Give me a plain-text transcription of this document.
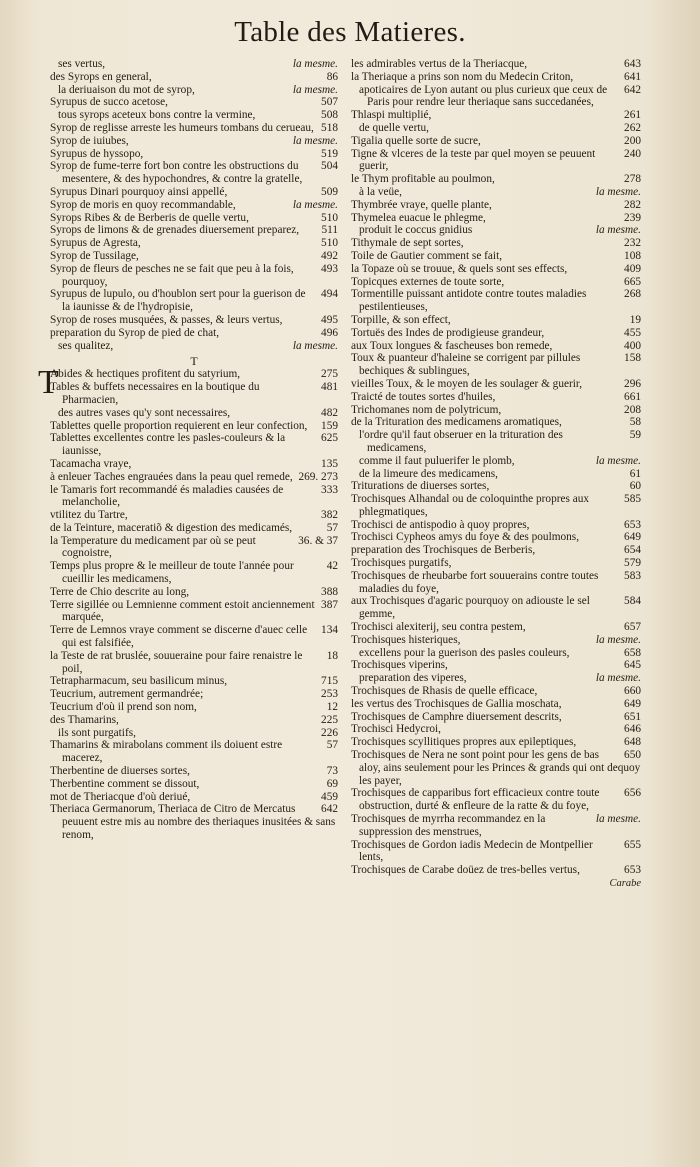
Table des Matieres.
la mesme.
ses vertus,
86
des Syrops en general,
la mesme.
la deriuaison du mot de syrop,
507
Syrupus de succo acetose,
508
tous syrops aceteux bons contre la vermine,
518
Syrop de reglisse arreste les humeurs tombans du cerueau,
la mesme.
Syrop de iuiubes,
519
Syrupus de hyssopo,
504
Syrop de fume-terre fort bon contre les obstructions du mesentere, & des hypochondres, & contre la gratelle,
509
Syrupus Dinari pourquoy ainsi appellé,
la mesme.
Syrop de moris en quoy recommandable,
510
Syrops Ribes & de Berberis de quelle vertu,
511
Syrops de limons & de grenades diuersement preparez,
510
Syrupus de Agresta,
492
Syrop de Tussilage,
493
Syrop de fleurs de pesches ne se fait que peu à la fois, pourquoy,
494
Syrupus de lupulo, ou d'houblon sert pour la guerison de la iaunisse & de l'hydropisie,
495
Syrop de roses musquées, & passes, & leurs vertus,
496
preparation du Syrop de pied de chat,
la mesme.
ses qualitez,
T
T	275
Abides & hectiques profitent du satyrium,
481
Tables & buffets necessaires en la boutique du Pharmacien,
482
des autres vases qu'y sont necessaires,
159
Tablettes quelle proportion requierent en leur confection,
625
Tablettes excellentes contre les pasles-couleurs & la iaunisse,
135
Tacamacha vraye,
269. 273
à enleuer Taches engrauées dans la peau quel remede,
333
le Tamaris fort recommandé és maladies causées de melancholie,
382
vtilitez du Tartre,
57
de la Teinture, maceratiõ & digestion des medicamés,
36. & 37
la Temperature du medicament par où se peut cognoistre,
42
Temps plus propre & le meilleur de toute l'année pour cueillir les medicamens,
388
Terre de Chio descrite au long,
387
Terre sigillée ou Lemnienne comment estoit anciennement marquée,
134
Terre de Lemnos vraye comment se discerne d'auec celle qui est falsifiée,
18
la Teste de rat bruslée, souueraine pour faire renaistre le poil,
715
Tetrapharmacum, seu basilicum minus,
253
Teucrium, autrement germandrée;
12
Teucrium d'où il prend son nom,
225
des Thamarins,
226
ils sont purgatifs,
57
Thamarins & mirabolans comment ils doiuent estre macerez,
73
Therbentine de diuerses sortes,
69
Therbentine comment se dissout,
459
mot de Theriacque d'où deriué,
642
Theriaca Germanorum, Theriaca de Citro de Mercatus peuuent estre mis au nombre des theriaques inusitées & sans renom,
643
les admirables vertus de la Theriacque,
641
la Theriaque a prins son nom du Medecin Criton,
642
apoticaires de Lyon autant ou plus curieux que ceux de Paris pour rendre leur theriaque sans succedanées,
261
Thlaspi multiplié,
262
de quelle vertu,
200
Tigalia quelle sorte de sucre,
240
Tigne & vlceres de la teste par quel moyen se peuuent guerir,
278
le Thym profitable au poulmon,
la mesme.
à la veüe,
282
Thymbrée vraye, quelle plante,
239
Thymelea euacue le phlegme,
la mesme.
produit le coccus gnidius
232
Tithymale de sept sortes,
108
Toile de Gautier comment se fait,
409
la Topaze où se trouue, & quels sont ses effects,
665
Topicques externes de toute sorte,
268
Tormentille puissant antidote contre toutes maladies pestilentieuses,
19
Torpille, & son effect,
455
Tortuës des Indes de prodigieuse grandeur,
400
aux Toux longues & fascheuses bon remede,
158
Toux & puanteur d'haleine se corrigent par pillules bechiques & sublingues,
296
vieilles Toux, & le moyen de les soulager & guerir,
661
Traicté de toutes sortes d'huiles,
208
Trichomanes nom de polytricum,
58
de la Trituration des medicamens aromatiques,
59
l'ordre qu'il faut obseruer en la trituration des medicamens,
la mesme.
comme il faut puluerifer le plomb,
61
de la limeure des medicamens,
60
Triturations de diuerses sortes,
585
Trochisques Alhandal ou de coloquinthe propres aux phlegmatiques,
653
Trochisci de antispodio à quoy propres,
649
Trochisci Cypheos amys du foye & des poulmons,
654
preparation des Trochisques de Berberis,
579
Trochisques purgatifs,
583
Trochisques de rheubarbe fort souuerains contre toutes maladies du foye,
584
aux Trochisques d'agaric pourquoy on adiouste le sel gemme,
657
Trochisci alexiterij, seu contra pestem,
la mesme.
Trochisques histeriques,
658
excellens pour la guerison des pasles couleurs,
645
Trochisques viperins,
la mesme.
preparation des viperes,
660
Trochisques de Rhasis de quelle efficace,
649
les vertus des Trochisques de Gallia moschata,
651
Trochisques de Camphre diuersement descrits,
646
Trochisci Hedycroi,
648
Trochisques scyllitiques propres aux epileptiques,
650
Trochisques de Nera ne sont point pour les gens de bas aloy, ains seulement pour les Princes & grands qui ont dequoy les payer,
656
Trochisques de capparibus fort efficacieux contre toute obstruction, durté & enfleure de la ratte & du foye,
la mesme.
Trochisques de myrrha recommandez en la suppression des menstrues,
655
Trochisques de Gordon iadis Medecin de Montpellier lents,
653
Trochisques de Carabe doüez de tres-belles vertus,
Carabe
